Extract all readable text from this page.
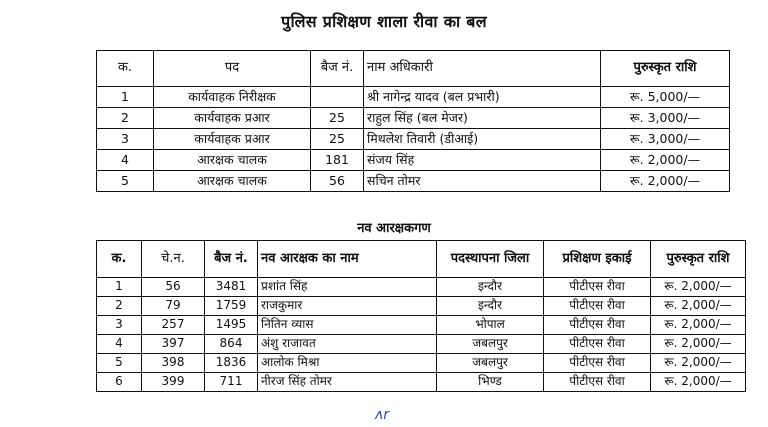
पुलिस प्रशिक्षण शाला रीवा का बल
क.	पद	बैज नं.	नाम अधिकारी	पुरुस्कृत राशि
1	कार्यवाहक निरीक्षक		श्री नागेन्द्र यादव (बल प्रभारी)	रू. 5,000/—
2	कार्यवाहक प्रआर	25	राहुल सिंह (बल मेजर)	रू. 3,000/—
3	कार्यवाहक प्रआर	25	मिथलेश तिवारी (डीआई)	रू. 3,000/—
4	आरक्षक चालक	181	संजय सिंह	रू. 2,000/—
5	आरक्षक चालक	56	सचिन तोमर	रू. 2,000/—
नव आरक्षकगण
क.	चे.न.	बैज नं.	नव आरक्षक का नाम	पदस्थापना जिला	प्रशिक्षण इकाई	पुरुस्कृत राशि
1	56	3481	प्रशांत सिंह	इन्दौर	पीटीएस रीवा	रू. 2,000/—
2	79	1759	राजकुमार	इन्दौर	पीटीएस रीवा	रू. 2,000/—
3	257	1495	नितिन व्यास	भोपाल	पीटीएस रीवा	रू. 2,000/—
4	397	864	अंशु राजावत	जबलपुर	पीटीएस रीवा	रू. 2,000/—
5	398	1836	आलोक मिश्रा	जबलपुर	पीटीएस रीवा	रू. 2,000/—
6	399	711	नीरज सिंह तोमर	भिण्ड	पीटीएस रीवा	रू. 2,000/—
ᴧr
